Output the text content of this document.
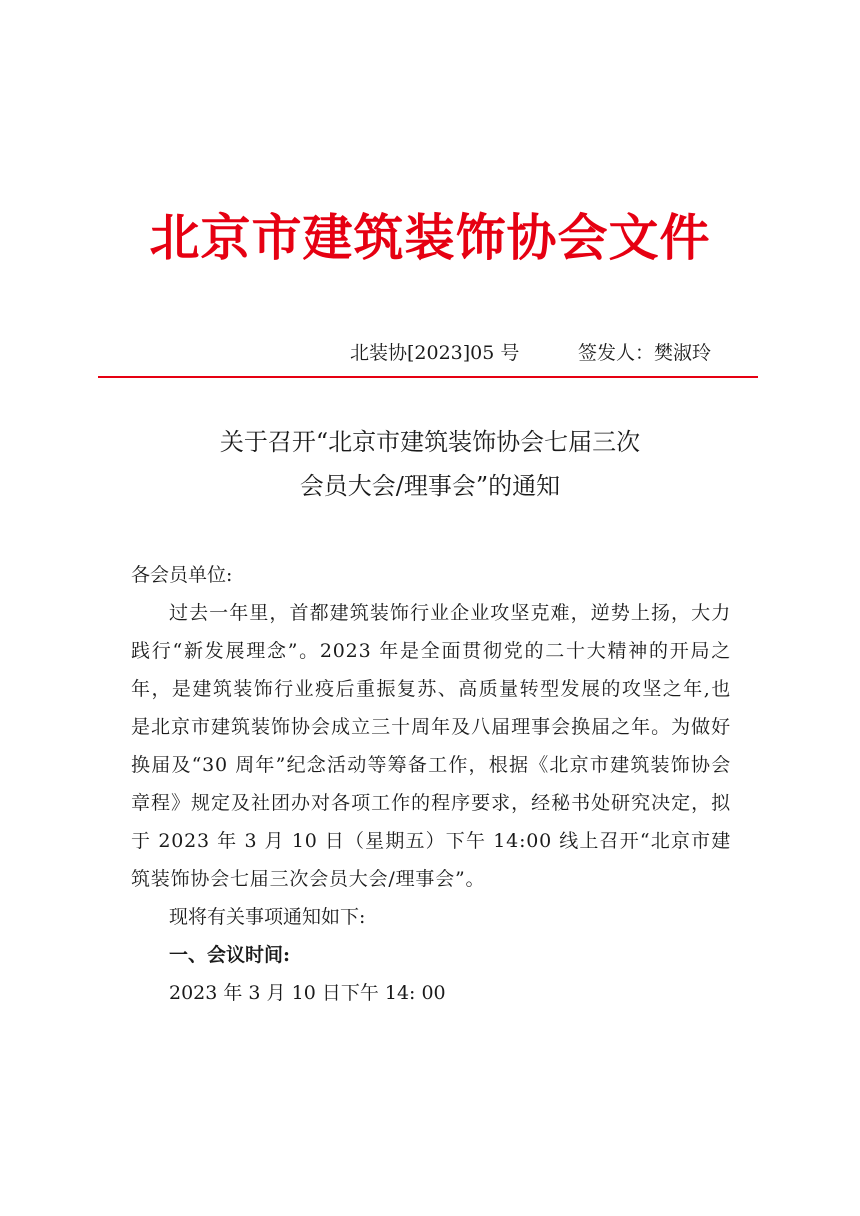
北京市建筑装饰协会文件
北装协[2023]05 号	签发人：樊淑玲
关于召开“北京市建筑装饰协会七届三次
会员大会/理事会”的通知
各会员单位:

过去一年里，首都建筑装饰行业企业攻坚克难，逆势上扬，大力践行“新发展理念”。2023 年是全面贯彻党的二十大精神的开局之年，是建筑装饰行业疫后重振复苏、高质量转型发展的攻坚之年,也是北京市建筑装饰协会成立三十周年及八届理事会换届之年。为做好换届及“30 周年”纪念活动等筹备工作，根据《北京市建筑装饰协会章程》规定及社团办对各项工作的程序要求，经秘书处研究决定，拟于 2023 年 3 月 10 日（星期五）下午 14:00 线上召开“北京市建筑装饰协会七届三次会员大会/理事会”。

现将有关事项通知如下:
一、会议时间:
2023 年 3 月 10 日下午 14: 00
